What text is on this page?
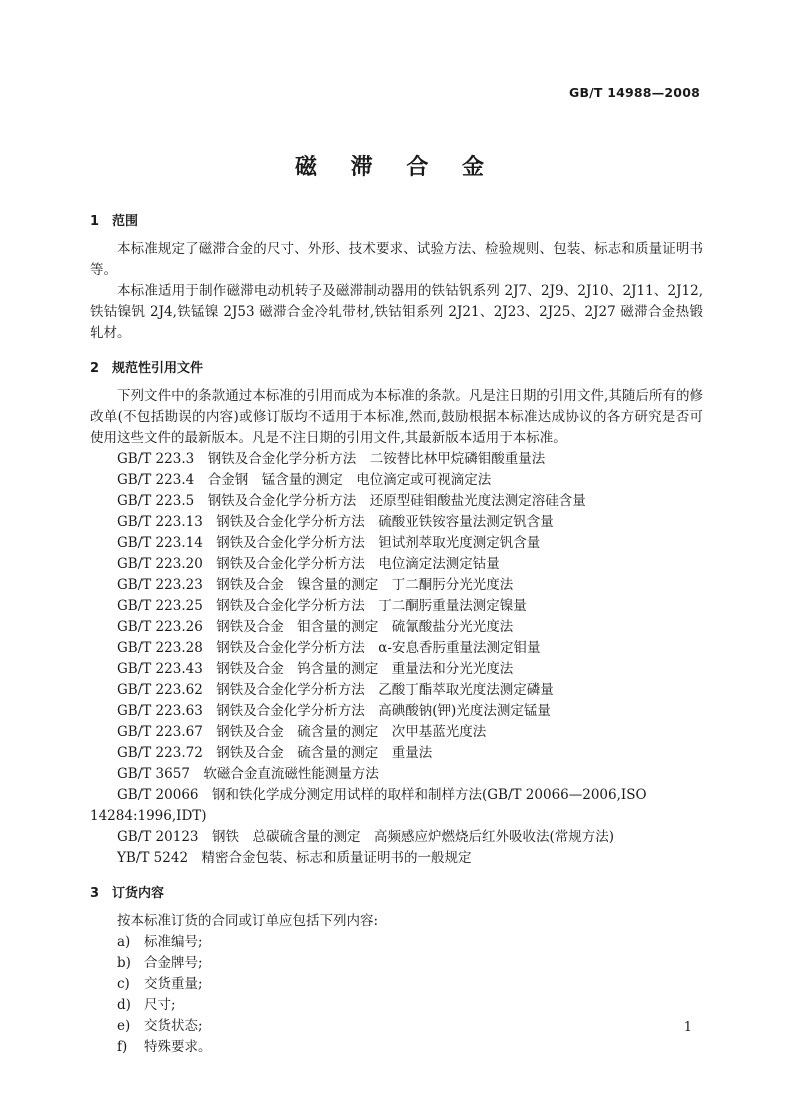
GB/T 14988—2008

磁 滞 合 金
1 范围

本标准规定了磁滞合金的尺寸、外形、技术要求、试验方法、检验规则、包装、标志和质量证明书等。

本标准适用于制作磁滞电动机转子及磁滞制动器用的铁钴钒系列 2J7、2J9、2J10、2J11、2J12,铁钴镍钒 2J4,铁锰镍 2J53 磁滞合金冷轧带材,铁钴钼系列 2J21、2J23、2J25、2J27 磁滞合金热锻轧材。

2 规范性引用文件

下列文件中的条款通过本标准的引用而成为本标准的条款。凡是注日期的引用文件,其随后所有的修改单(不包括勘误的内容)或修订版均不适用于本标准,然而,鼓励根据本标准达成协议的各方研究是否可使用这些文件的最新版本。凡是不注日期的引用文件,其最新版本适用于本标准。

GB/T 223.3　钢铁及合金化学分析方法　二铵替比林甲烷磷钼酸重量法
GB/T 223.4　合金钢　锰含量的测定　电位滴定或可视滴定法
GB/T 223.5　钢铁及合金化学分析方法　还原型硅钼酸盐光度法测定溶硅含量
GB/T 223.13　钢铁及合金化学分析方法　硫酸亚铁铵容量法测定钒含量
GB/T 223.14　钢铁及合金化学分析方法　钽试剂萃取光度测定钒含量
GB/T 223.20　钢铁及合金化学分析方法　电位滴定法测定钴量
GB/T 223.23　钢铁及合金　镍含量的测定　丁二酮肟分光光度法
GB/T 223.25　钢铁及合金化学分析方法　丁二酮肟重量法测定镍量
GB/T 223.26　钢铁及合金　钼含量的测定　硫氰酸盐分光光度法
GB/T 223.28　钢铁及合金化学分析方法　α-安息香肟重量法测定钼量
GB/T 223.43　钢铁及合金　钨含量的测定　重量法和分光光度法
GB/T 223.62　钢铁及合金化学分析方法　乙酸丁酯萃取光度法测定磷量
GB/T 223.63　钢铁及合金化学分析方法　高碘酸钠(钾)光度法测定锰量
GB/T 223.67　钢铁及合金　硫含量的测定　次甲基蓝光度法
GB/T 223.72　钢铁及合金　硫含量的测定　重量法
GB/T 3657　软磁合金直流磁性能测量方法
GB/T 20066　钢和铁化学成分测定用试样的取样和制样方法(GB/T 20066—2006,ISO 14284:1996,IDT)
GB/T 20123　钢铁　总碳硫含量的测定　高频感应炉燃烧后红外吸收法(常规方法)
YB/T 5242　精密合金包装、标志和质量证明书的一般规定
3 订货内容

按本标准订货的合同或订单应包括下列内容:

a) 标准编号;
b) 合金牌号;
c) 交货重量;
d) 尺寸;
e) 交货状态;
f) 特殊要求。

1
